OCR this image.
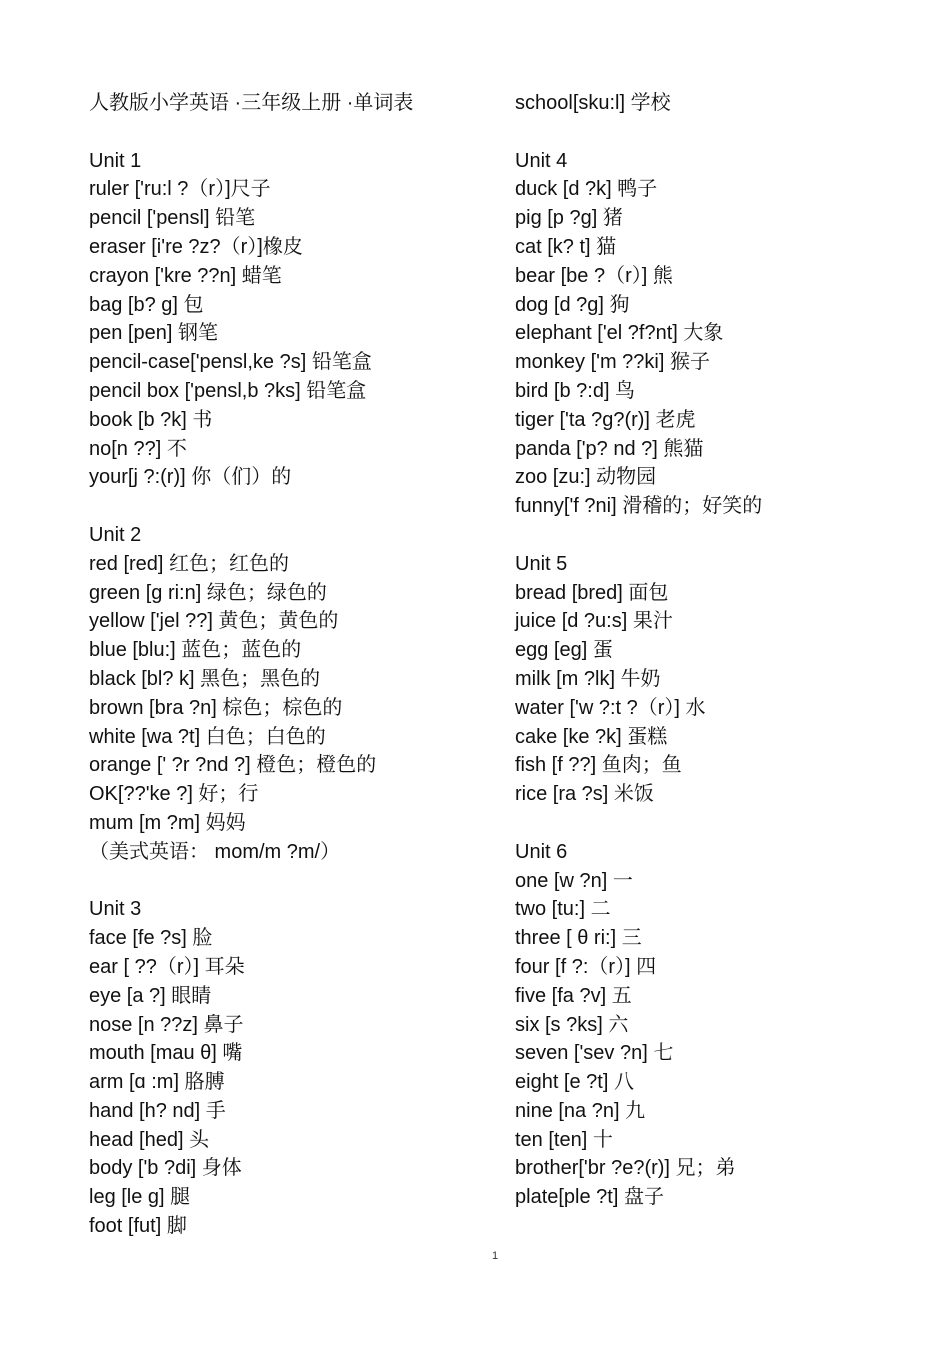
人教版小学英语 ·三年级上册 ·单词表
Unit 1
ruler ['ru:l ?（r）]尺子
pencil ['pensl] 铅笔
eraser [i're ?z?（r）]橡皮
crayon ['kre ??n] 蜡笔
bag [b? ɡ] 包
pen [pen] 钢笔
pencil-case['pensl,ke ?s] 铅笔盒
pencil box ['pensl,b ?ks] 铅笔盒
book [b ?k] 书
no[n ??] 不
your[j ?:(r)] 你（们）的
Unit 2
red [red] 红色；红色的
green [ɡ ri:n] 绿色；绿色的
yellow ['jel ??] 黄色；黄色的
blue [blu:] 蓝色；蓝色的
black [bl? k] 黑色；黑色的
brown [bra ?n] 棕色；棕色的
white [wa ?t] 白色；白色的
orange [' ?r ?nd ?] 橙色；橙色的
OK[??'ke ?] 好；行
mum [m ?m] 妈妈
（美式英语： mom/m ?m/）
Unit 3
face [fe ?s] 脸
ear [ ??（r）] 耳朵
eye [a ?] 眼睛
nose [n ??z] 鼻子
mouth [mau θ] 嘴
arm [ɑ :m] 胳膊
hand [h? nd] 手
head [hed] 头
body ['b ?di] 身体
leg [le ɡ] 腿
foot [fut] 脚
school[sku:l] 学校
Unit 4
duck [d ?k] 鸭子
pig [p ?ɡ] 猪
cat [k? t] 猫
bear [be ?（r）] 熊
dog [d ?ɡ] 狗
elephant ['el ?f?nt] 大象
monkey ['m ??ki] 猴子
bird [b ?:d] 鸟
tiger ['ta ?g?(r)] 老虎
panda ['p? nd ?] 熊猫
zoo [zu:] 动物园
funny['f ?ni] 滑稽的；好笑的
Unit 5
bread [bred] 面包
juice [d ?u:s] 果汁
egg [eg] 蛋
milk [m ?lk] 牛奶
water ['w ?:t ?（r）] 水
cake [ke ?k] 蛋糕
fish [f ??] 鱼肉；鱼
rice [ra ?s] 米饭
Unit 6
one [w ?n] 一
two [tu:] 二
three [ θ ri:] 三
four [f ?:（r）] 四
five [fa ?v] 五
six [s ?ks] 六
seven ['sev ?n] 七
eight [e ?t] 八
nine [na ?n] 九
ten [ten] 十
brother['br ?e?(r)] 兄；弟
plate[ple ?t] 盘子
1
